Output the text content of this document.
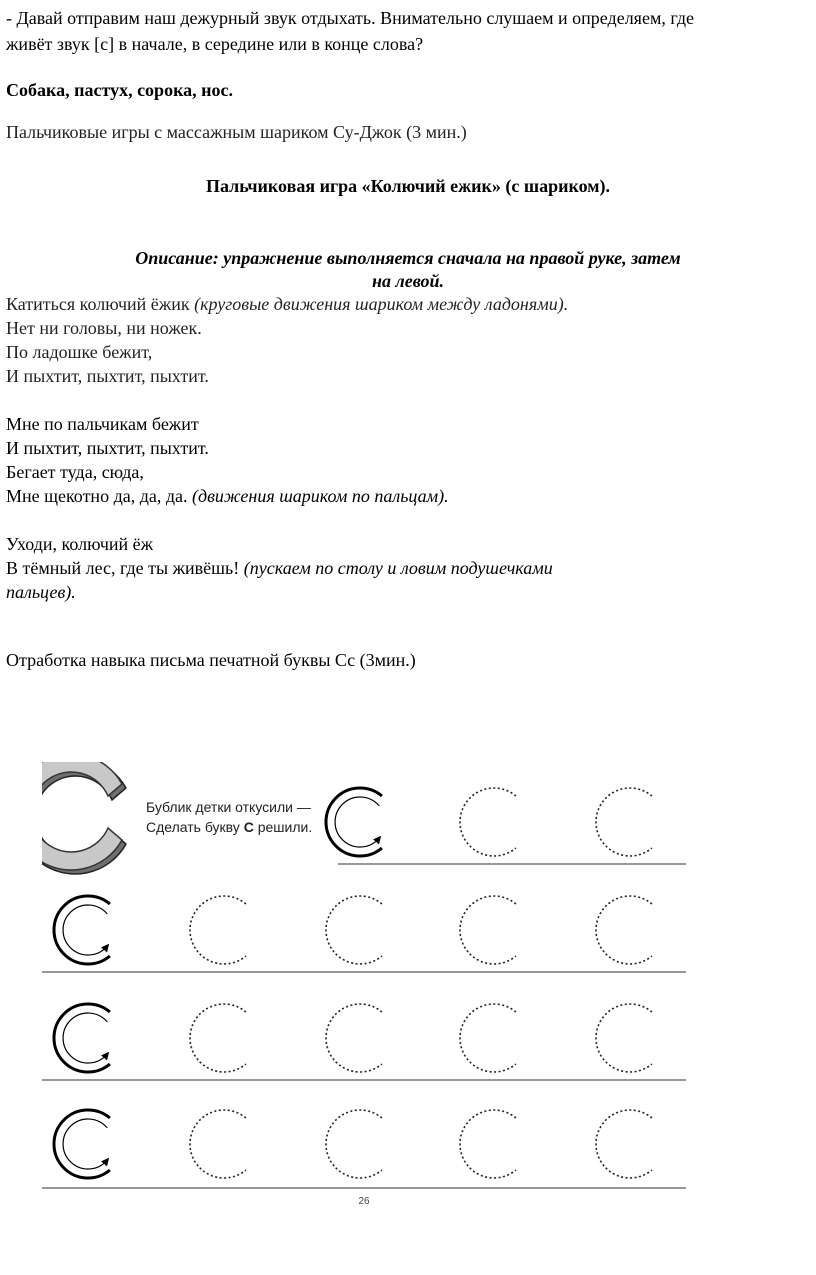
- Давай отправим наш дежурный звук отдыхать. Внимательно слушаем и определяем, где
живёт звук [с] в начале, в середине или в конце слова?
Собака, пастух, сорока, нос.
Пальчиковые игры с массажным шариком Су-Джок (3 мин.)
Пальчиковая игра «Колючий ежик» (с шариком).
Описание: упражнение выполняется сначала на правой руке, затем
на левой.
Катиться колючий ёжик (круговые движения шариком между ладонями).
Нет ни головы, ни ножек.
По ладошке бежит,
И пыхтит, пыхтит, пыхтит.
Мне по пальчикам бежит
И пыхтит, пыхтит, пыхтит.
Бегает туда, сюда,
Мне щекотно да, да, да. (движения шариком по пальцам).
Уходи, колючий ёж
В тёмный лес, где ты живёшь! (пускаем по столу и ловим подушечками
пальцев).
Отработка навыка письма печатной буквы Сс (3мин.)
Бублик детки откусили —
Сделать букву С решили.
26
